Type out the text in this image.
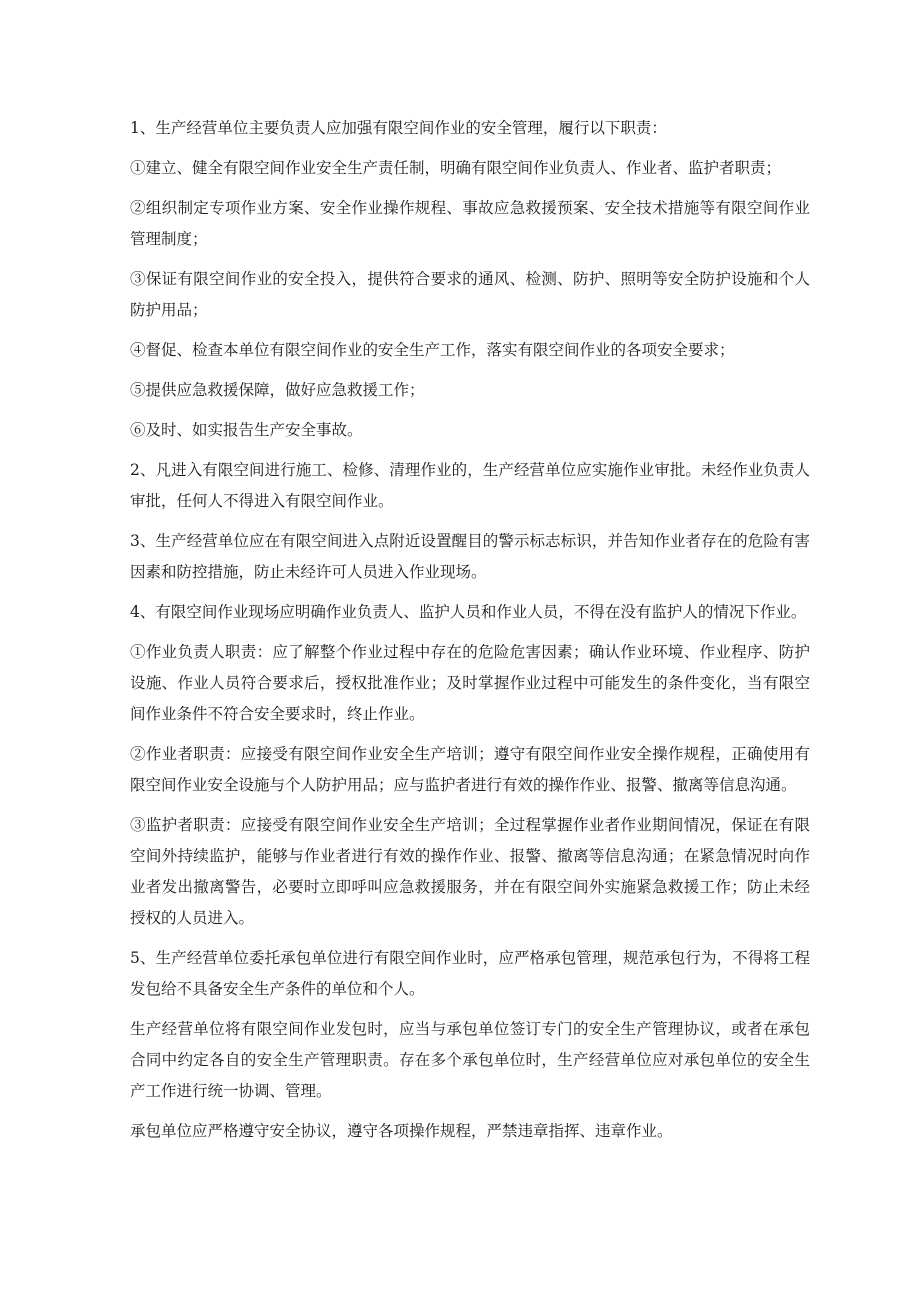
1、生产经营单位主要负责人应加强有限空间作业的安全管理，履行以下职责：

①建立、健全有限空间作业安全生产责任制，明确有限空间作业负责人、作业者、监护者职责；

②组织制定专项作业方案、安全作业操作规程、事故应急救援预案、安全技术措施等有限空间作业管理制度；

③保证有限空间作业的安全投入，提供符合要求的通风、检测、防护、照明等安全防护设施和个人防护用品；

④督促、检查本单位有限空间作业的安全生产工作，落实有限空间作业的各项安全要求；

⑤提供应急救援保障，做好应急救援工作；

⑥及时、如实报告生产安全事故。

2、凡进入有限空间进行施工、检修、清理作业的，生产经营单位应实施作业审批。未经作业负责人审批，任何人不得进入有限空间作业。

3、生产经营单位应在有限空间进入点附近设置醒目的警示标志标识，并告知作业者存在的危险有害因素和防控措施，防止未经许可人员进入作业现场。

4、有限空间作业现场应明确作业负责人、监护人员和作业人员，不得在没有监护人的情况下作业。

①作业负责人职责：应了解整个作业过程中存在的危险危害因素；确认作业环境、作业程序、防护设施、作业人员符合要求后，授权批准作业；及时掌握作业过程中可能发生的条件变化，当有限空间作业条件不符合安全要求时，终止作业。

②作业者职责：应接受有限空间作业安全生产培训；遵守有限空间作业安全操作规程，正确使用有限空间作业安全设施与个人防护用品；应与监护者进行有效的操作作业、报警、撤离等信息沟通。

③监护者职责：应接受有限空间作业安全生产培训；全过程掌握作业者作业期间情况，保证在有限空间外持续监护，能够与作业者进行有效的操作作业、报警、撤离等信息沟通；在紧急情况时向作业者发出撤离警告，必要时立即呼叫应急救援服务，并在有限空间外实施紧急救援工作；防止未经授权的人员进入。

5、生产经营单位委托承包单位进行有限空间作业时，应严格承包管理，规范承包行为，不得将工程发包给不具备安全生产条件的单位和个人。

生产经营单位将有限空间作业发包时，应当与承包单位签订专门的安全生产管理协议，或者在承包合同中约定各自的安全生产管理职责。存在多个承包单位时，生产经营单位应对承包单位的安全生产工作进行统一协调、管理。

承包单位应严格遵守安全协议，遵守各项操作规程，严禁违章指挥、违章作业。
